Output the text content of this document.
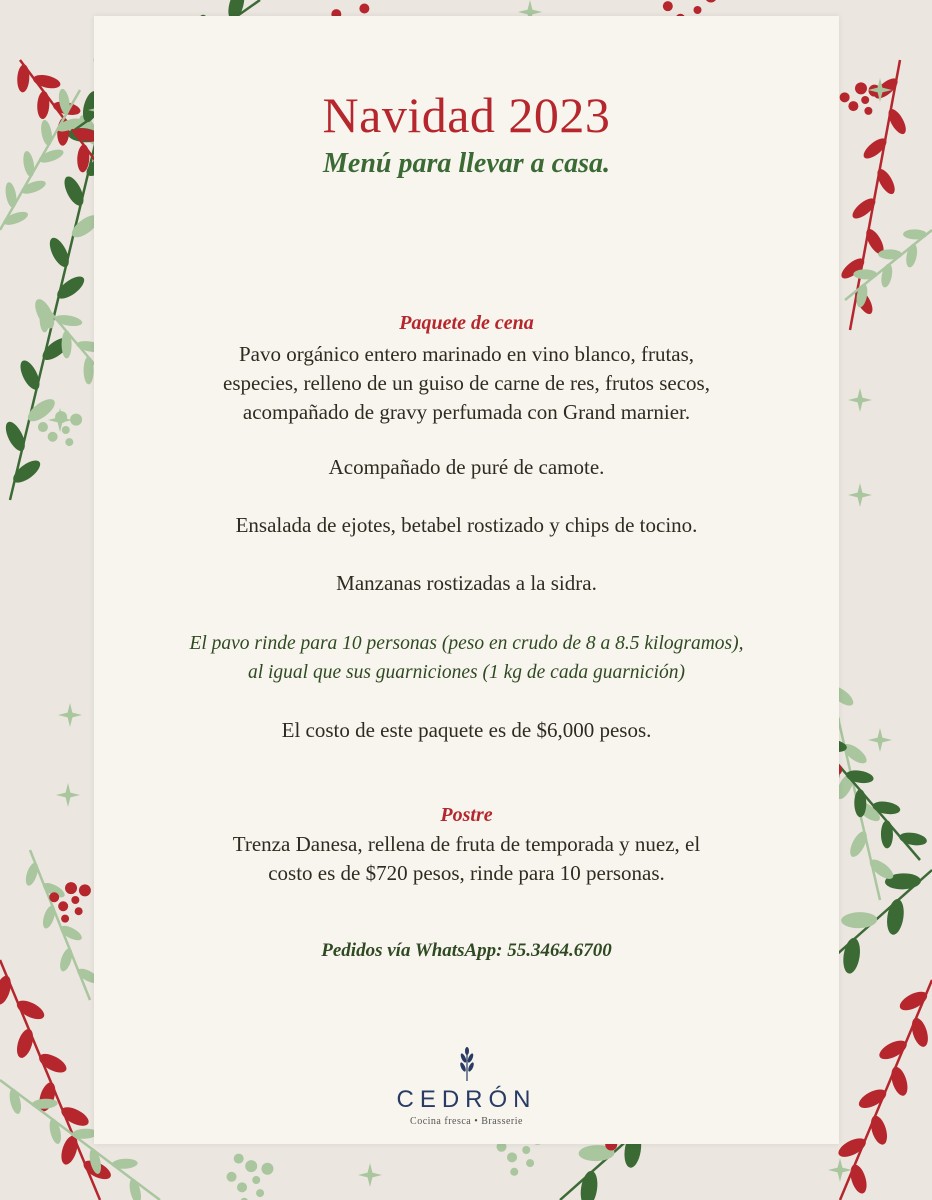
Navidad 2023
Menú para llevar a casa.
Paquete de cena
Pavo orgánico entero marinado en vino blanco, frutas,
especies, relleno de un guiso de carne de res, frutos secos,
acompañado de gravy perfumada con Grand marnier.
Acompañado de puré de camote.
Ensalada de ejotes, betabel rostizado y chips de tocino.
Manzanas rostizadas a la sidra.
El pavo rinde para 10 personas (peso en crudo de 8 a 8.5 kilogramos),
al igual que sus guarniciones (1 kg de cada guarnición)
El costo de este paquete es de $6,000 pesos.
Postre
Trenza Danesa, rellena de fruta de temporada y nuez, el
costo es de $720 pesos, rinde para 10 personas.
Pedidos vía WhatsApp: 55.3464.6700
CEDRÓN
Cocina fresca • Brasserie
